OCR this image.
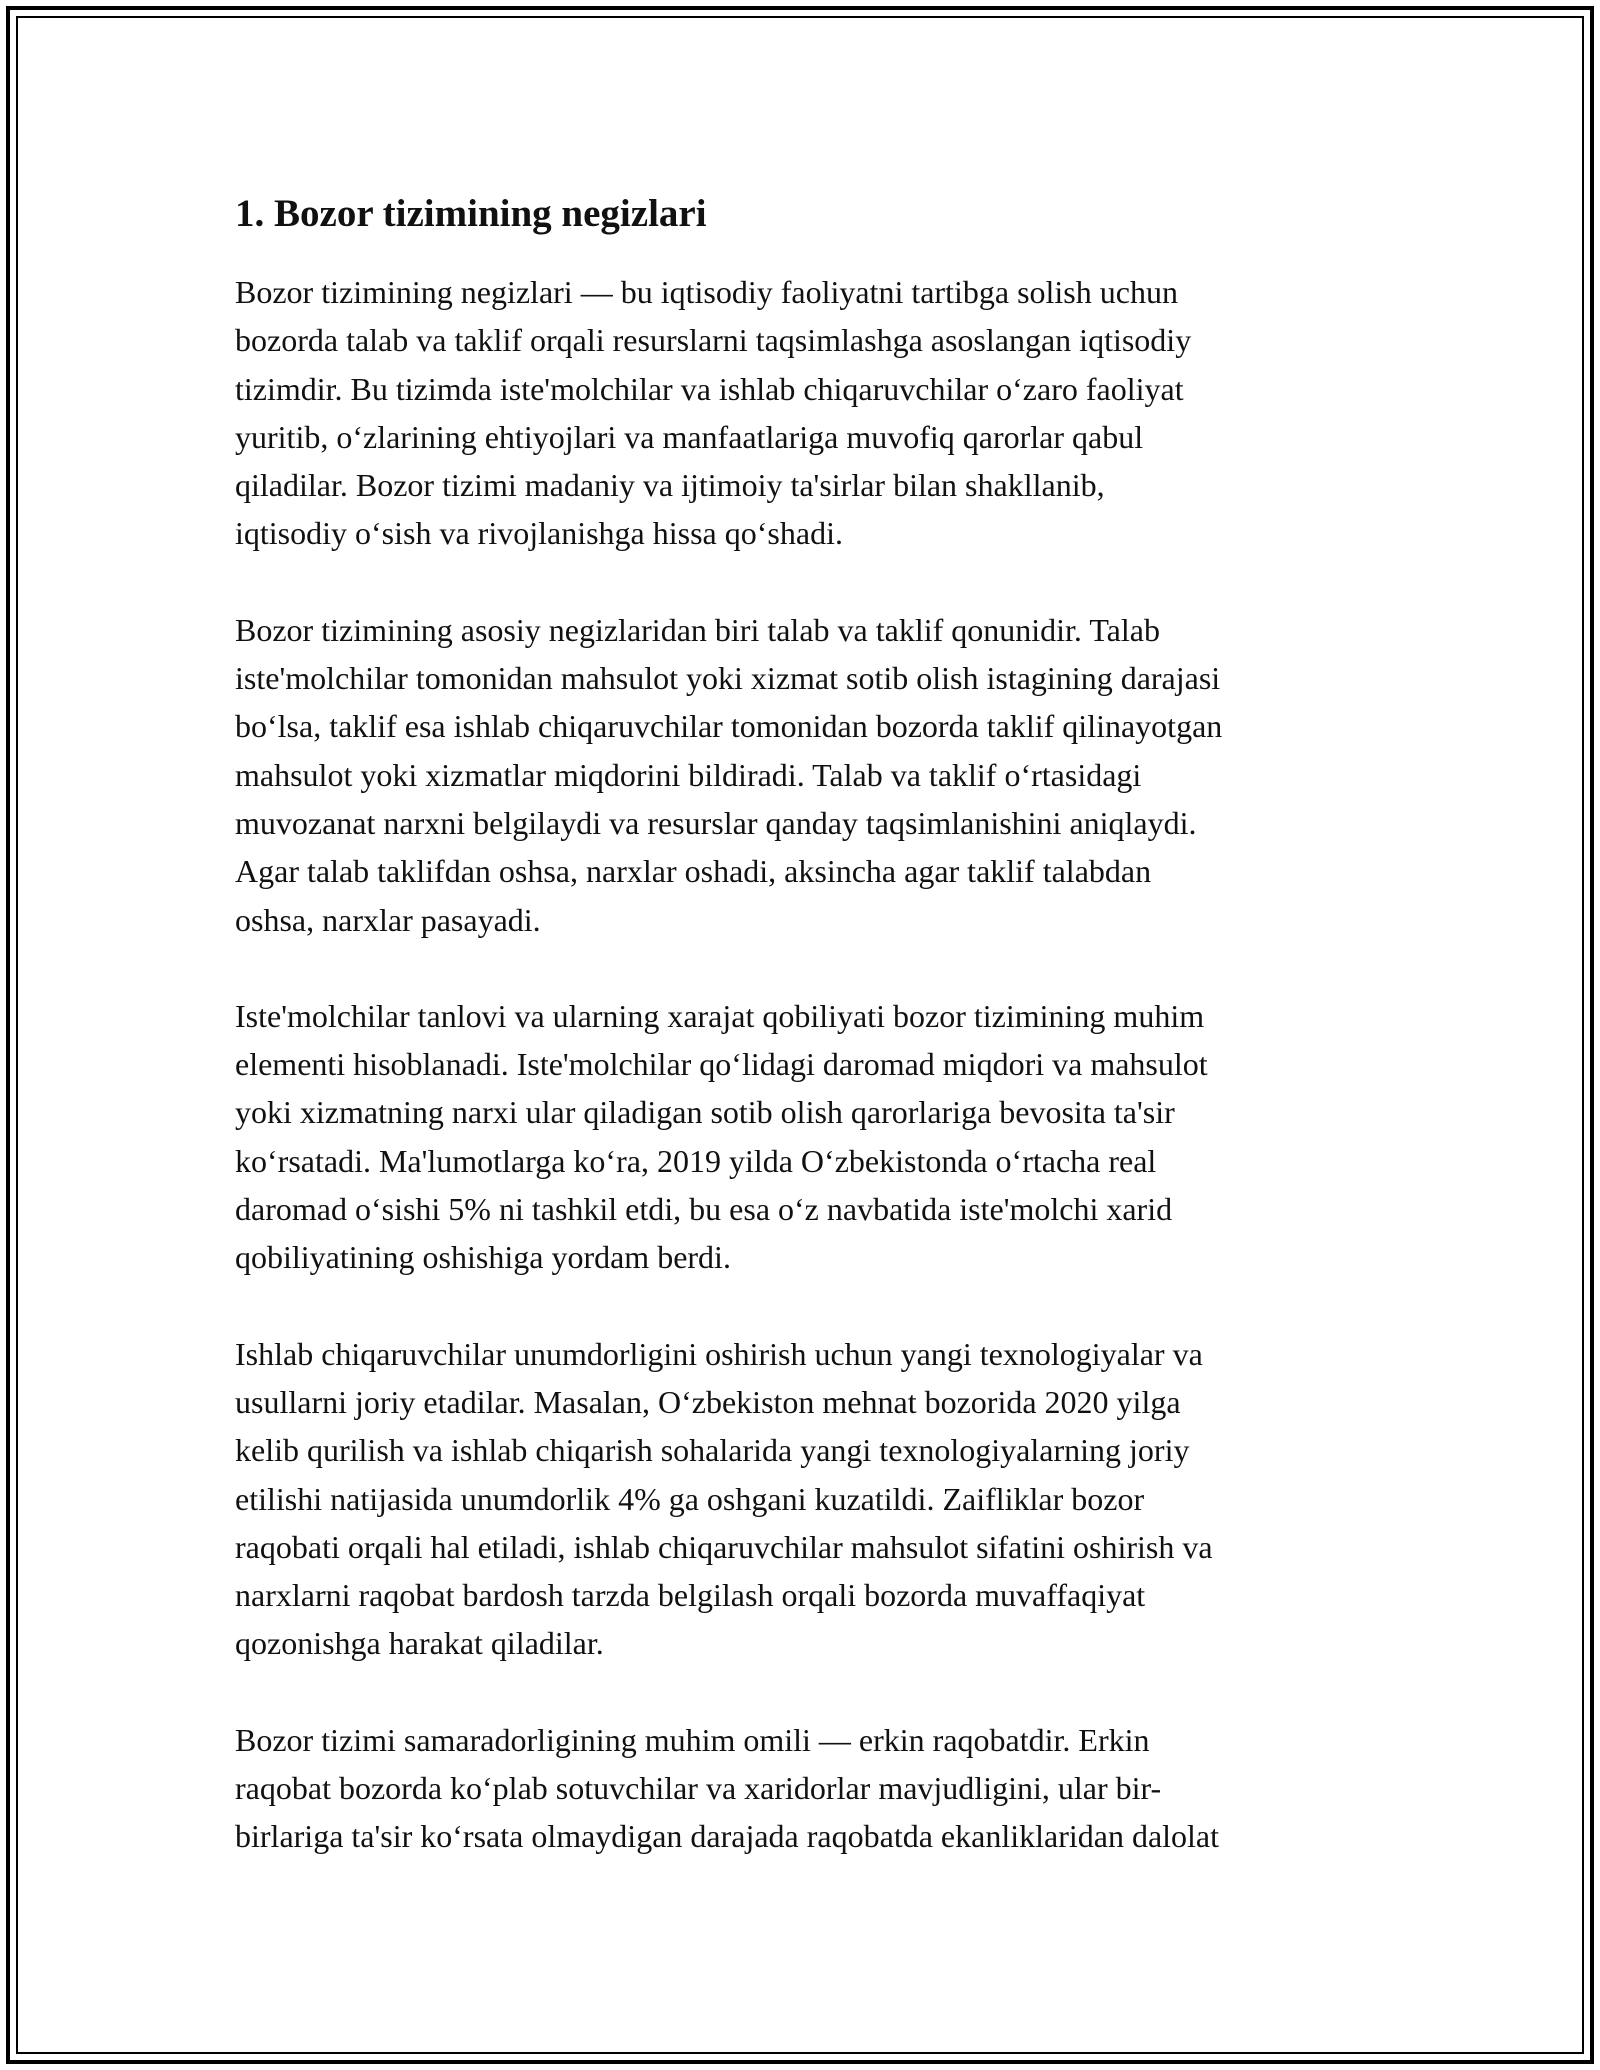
1. Bozor tizimining negizlari

Bozor tizimining negizlari — bu iqtisodiy faoliyatni tartibga solish uchun
bozorda talab va taklif orqali resurslarni taqsimlashga asoslangan iqtisodiy
tizimdir. Bu tizimda iste'molchilar va ishlab chiqaruvchilar o‘zaro faoliyat
yuritib, o‘zlarining ehtiyojlari va manfaatlariga muvofiq qarorlar qabul
qiladilar. Bozor tizimi madaniy va ijtimoiy ta'sirlar bilan shakllanib,
iqtisodiy o‘sish va rivojlanishga hissa qo‘shadi.

Bozor tizimining asosiy negizlaridan biri talab va taklif qonunidir. Talab
iste'molchilar tomonidan mahsulot yoki xizmat sotib olish istagining darajasi
bo‘lsa, taklif esa ishlab chiqaruvchilar tomonidan bozorda taklif qilinayotgan
mahsulot yoki xizmatlar miqdorini bildiradi. Talab va taklif o‘rtasidagi
muvozanat narxni belgilaydi va resurslar qanday taqsimlanishini aniqlaydi.
Agar talab taklifdan oshsa, narxlar oshadi, aksincha agar taklif talabdan
oshsa, narxlar pasayadi.

Iste'molchilar tanlovi va ularning xarajat qobiliyati bozor tizimining muhim
elementi hisoblanadi. Iste'molchilar qo‘lidagi daromad miqdori va mahsulot
yoki xizmatning narxi ular qiladigan sotib olish qarorlariga bevosita ta'sir
ko‘rsatadi. Ma'lumotlarga ko‘ra, 2019 yilda O‘zbekistonda o‘rtacha real
daromad o‘sishi 5% ni tashkil etdi, bu esa o‘z navbatida iste'molchi xarid
qobiliyatining oshishiga yordam berdi.

Ishlab chiqaruvchilar unumdorligini oshirish uchun yangi texnologiyalar va
usullarni joriy etadilar. Masalan, O‘zbekiston mehnat bozorida 2020 yilga
kelib qurilish va ishlab chiqarish sohalarida yangi texnologiyalarning joriy
etilishi natijasida unumdorlik 4% ga oshgani kuzatildi. Zaifliklar bozor
raqobati orqali hal etiladi, ishlab chiqaruvchilar mahsulot sifatini oshirish va
narxlarni raqobat bardosh tarzda belgilash orqali bozorda muvaffaqiyat
qozonishga harakat qiladilar.

Bozor tizimi samaradorligining muhim omili — erkin raqobatdir. Erkin
raqobat bozorda ko‘plab sotuvchilar va xaridorlar mavjudligini, ular bir-
birlariga ta'sir ko‘rsata olmaydigan darajada raqobatda ekanliklaridan dalolat
